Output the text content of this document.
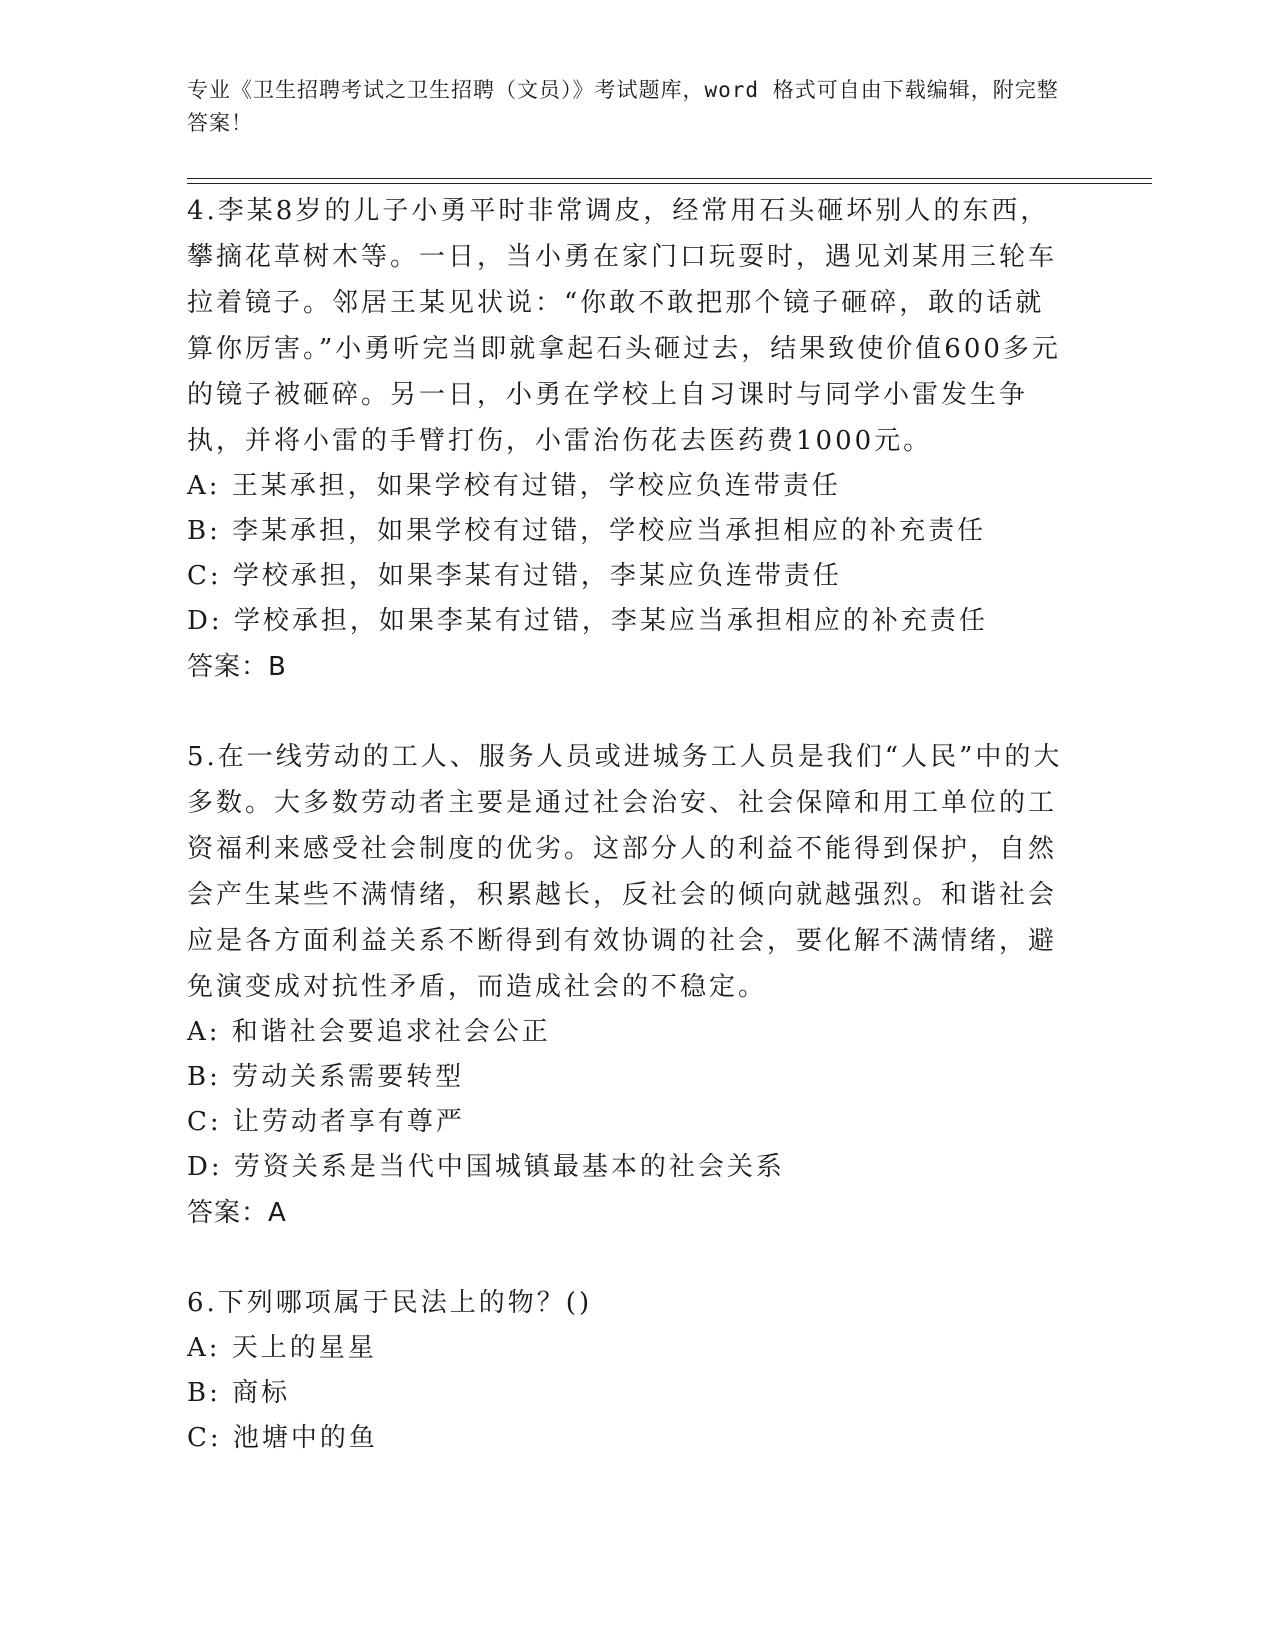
专业《卫生招聘考试之卫生招聘（文员）》考试题库，word 格式可自由下载编辑，附完整答案！

4.李某8岁的儿子小勇平时非常调皮，经常用石头砸坏别人的东西，攀摘花草树木等。一日，当小勇在家门口玩耍时，遇见刘某用三轮车拉着镜子。邻居王某见状说：“你敢不敢把那个镜子砸碎，敢的话就算你厉害。”小勇听完当即就拿起石头砸过去，结果致使价值600多元的镜子被砸碎。另一日，小勇在学校上自习课时与同学小雷发生争执，并将小雷的手臂打伤，小雷治伤花去医药费1000元。

A: 王某承担，如果学校有过错，学校应负连带责任

B: 李某承担，如果学校有过错，学校应当承担相应的补充责任

C: 学校承担，如果李某有过错，李某应负连带责任

D: 学校承担，如果李某有过错，李某应当承担相应的补充责任

答案：B

5.在一线劳动的工人、服务人员或进城务工人员是我们“人民”中的大多数。大多数劳动者主要是通过社会治安、社会保障和用工单位的工资福利来感受社会制度的优劣。这部分人的利益不能得到保护，自然会产生某些不满情绪，积累越长，反社会的倾向就越强烈。和谐社会应是各方面利益关系不断得到有效协调的社会，要化解不满情绪，避免演变成对抗性矛盾，而造成社会的不稳定。

A: 和谐社会要追求社会公正

B: 劳动关系需要转型

C: 让劳动者享有尊严

D: 劳资关系是当代中国城镇最基本的社会关系

答案：A

6.下列哪项属于民法上的物？()

A: 天上的星星

B: 商标

C: 池塘中的鱼
